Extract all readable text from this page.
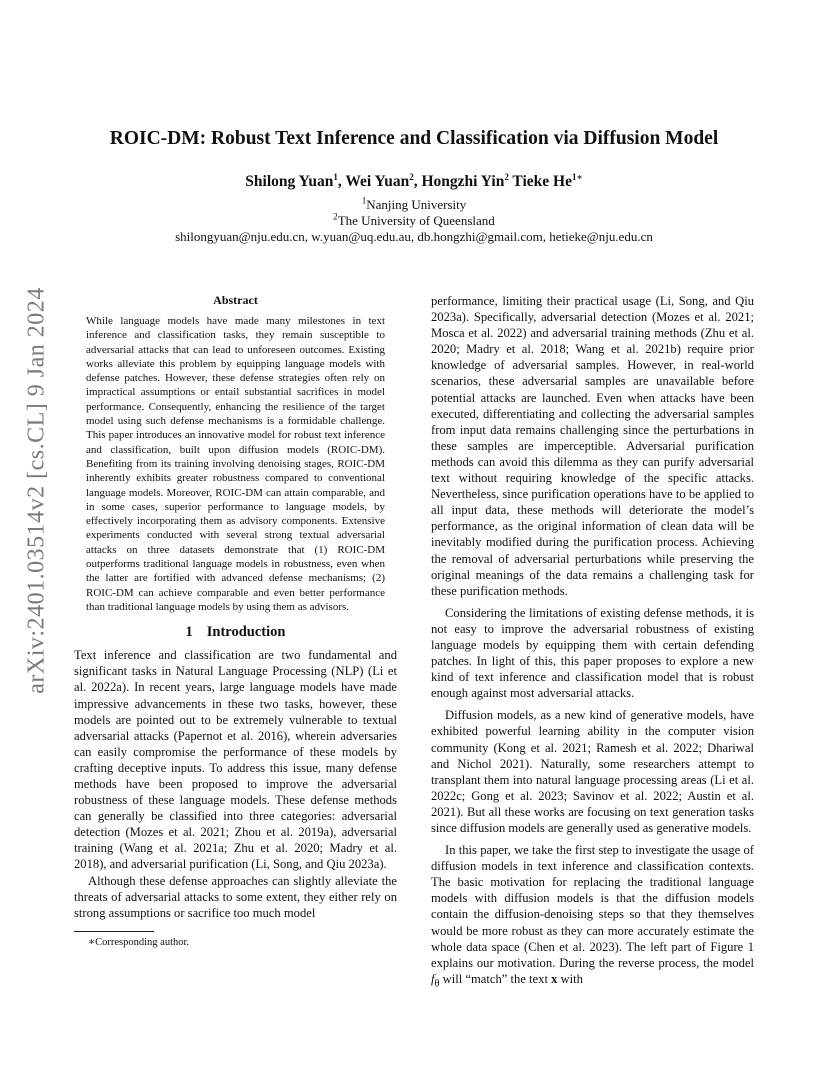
arXiv:2401.03514v2 [cs.CL] 9 Jan 2024
ROIC-DM: Robust Text Inference and Classification via Diffusion Model
Shilong Yuan$^1$, Wei Yuan$^2$, Hongzhi Yin$^2$ Tieke $He^{1∗}$
$^1$Nanjing University
$^2$The University of Queensland
shilongyuan@nju.edu.cn, w.yuan@uq.edu.au, db.hongzhi@gmail.com, hetieke@nju.edu.cn
Abstract

While language models have made many milestones in text inference and classification tasks, they remain susceptible to adversarial attacks that can lead to unforeseen outcomes. Existing works alleviate this problem by equipping language models with defense patches. However, these defense strategies often rely on impractical assumptions or entail substantial sacrifices in model performance. Consequently, enhancing the resilience of the target model using such defense mechanisms is a formidable challenge. This paper introduces an innovative model for robust text inference and classification, built upon diffusion models (ROIC-DM). Benefiting from its training involving denoising stages, ROIC-DM inherently exhibits greater robustness compared to conventional language models. Moreover, ROIC-DM can attain comparable, and in some cases, superior performance to language models, by effectively incorporating them as advisory components. Extensive experiments conducted with several strong textual adversarial attacks on three datasets demonstrate that (1) ROIC-DM outperforms traditional language models in robustness, even when the latter are fortified with advanced defense mechanisms; (2) ROIC-DM can achieve comparable and even better performance than traditional language models by using them as advisors.

1 Introduction

Text inference and classification are two fundamental and significant tasks in Natural Language Processing (NLP) (Li et al. 2022a). In recent years, large language models have made impressive advancements in these two tasks, however, these models are pointed out to be extremely vulnerable to textual adversarial attacks (Papernot et al. 2016), wherein adversaries can easily compromise the performance of these models by crafting deceptive inputs. To address this issue, many defense methods have been proposed to improve the adversarial robustness of these language models. These defense methods can generally be classified into three categories: adversarial detection (Mozes et al. 2021; Zhou et al. 2019a), adversarial training (Wang et al. 2021a; Zhu et al. 2020; Madry et al. 2018), and adversarial purification (Li, Song, and Qiu 2023a).

Although these defense approaches can slightly alleviate the threats of adversarial attacks to some extent, they either rely on strong assumptions or sacrifice too much model

∗Corresponding author.

performance, limiting their practical usage (Li, Song, and Qiu 2023a). Specifically, adversarial detection (Mozes et al. 2021; Mosca et al. 2022) and adversarial training methods (Zhu et al. 2020; Madry et al. 2018; Wang et al. 2021b) require prior knowledge of adversarial samples. However, in real-world scenarios, these adversarial samples are unavailable before potential attacks are launched. Even when attacks have been executed, differentiating and collecting the adversarial samples from input data remains challenging since the perturbations in these samples are imperceptible. Adversarial purification methods can avoid this dilemma as they can purify adversarial text without requiring knowledge of the specific attacks. Nevertheless, since purification operations have to be applied to all input data, these methods will deteriorate the model’s performance, as the original information of clean data will be inevitably modified during the purification process. Achieving the removal of adversarial perturbations while preserving the original meanings of the data remains a challenging task for these purification methods.

Considering the limitations of existing defense methods, it is not easy to improve the adversarial robustness of existing language models by equipping them with certain defending patches. In light of this, this paper proposes to explore a new kind of text inference and classification model that is robust enough against most adversarial attacks.

Diffusion models, as a new kind of generative models, have exhibited powerful learning ability in the computer vision community (Kong et al. 2021; Ramesh et al. 2022; Dhariwal and Nichol 2021). Naturally, some researchers attempt to transplant them into natural language processing areas (Li et al. 2022c; Gong et al. 2023; Savinov et al. 2022; Austin et al. 2021). But all these works are focusing on text generation tasks since diffusion models are generally used as generative models.

In this paper, we take the first step to investigate the usage of diffusion models in text inference and classification contexts. The basic motivation for replacing the traditional language models with diffusion models is that the diffusion models contain the diffusion-denoising steps so that they themselves would be more robust as they can more accurately estimate the whole data space (Chen et al. 2023). The left part of Figure 1 explains our motivation. During the reverse process, the model $f_\theta$ will “match” the text x with
